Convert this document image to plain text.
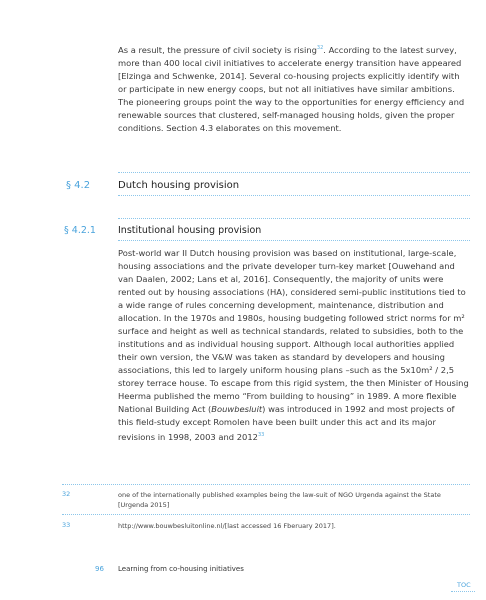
As a result, the pressure of civil society is rising$^{32}$. According to the latest survey, more than 400 local civil initiatives to accelerate energy transition have appeared [Elzinga and Schwenke, 2014]. Several co-housing projects explicitly identify with or participate in new energy coops, but not all initiatives have similar ambitions. The pioneering groups point the way to the opportunities for energy efficiency and renewable sources that clustered, self-managed housing holds, given the proper conditions. Section 4.3 elaborates on this movement.

§ 4.2	Dutch housing provision
§ 4.2.1 Institutional housing provision

Post-world war II Dutch housing provision was based on institutional, large-scale, housing associations and the private developer turn-key market [Ouwehand and van Daalen, 2002; Lans et al, 2016]. Consequently, the majority of units were rented out by housing associations (HA), considered semi-public institutions tied to a wide range of rules concerning development, maintenance, distribution and allocation. In the 1970s and 1980s, housing budgeting followed strict norms for m² surface and height as well as technical standards, related to subsidies, both to the institutions and as individual housing support. Although local authorities applied their own version, the V&W was taken as standard by developers and housing associations, this led to largely uniform housing plans –such as the 5x10m² / 2,5 storey terrace house. To escape from this rigid system, the then Minister of Housing Heerma published the memo “From building to housing” in 1989. A more flexible National Building Act (Bouwbesluit) was introduced in 1992 and most projects of this field-study except Romolen have been built under this act and its major revisions in 1998, 2003 and 2012$^{33}$

32	one of the internationally published examples being the law-suit of NGO Urgenda against the State [Urgenda 2015]
33	http://www.bouwbesluitonline.nl/[last accessed 16 Fberuary 2017].
96 Learning from co-housing initiatives
TOC
